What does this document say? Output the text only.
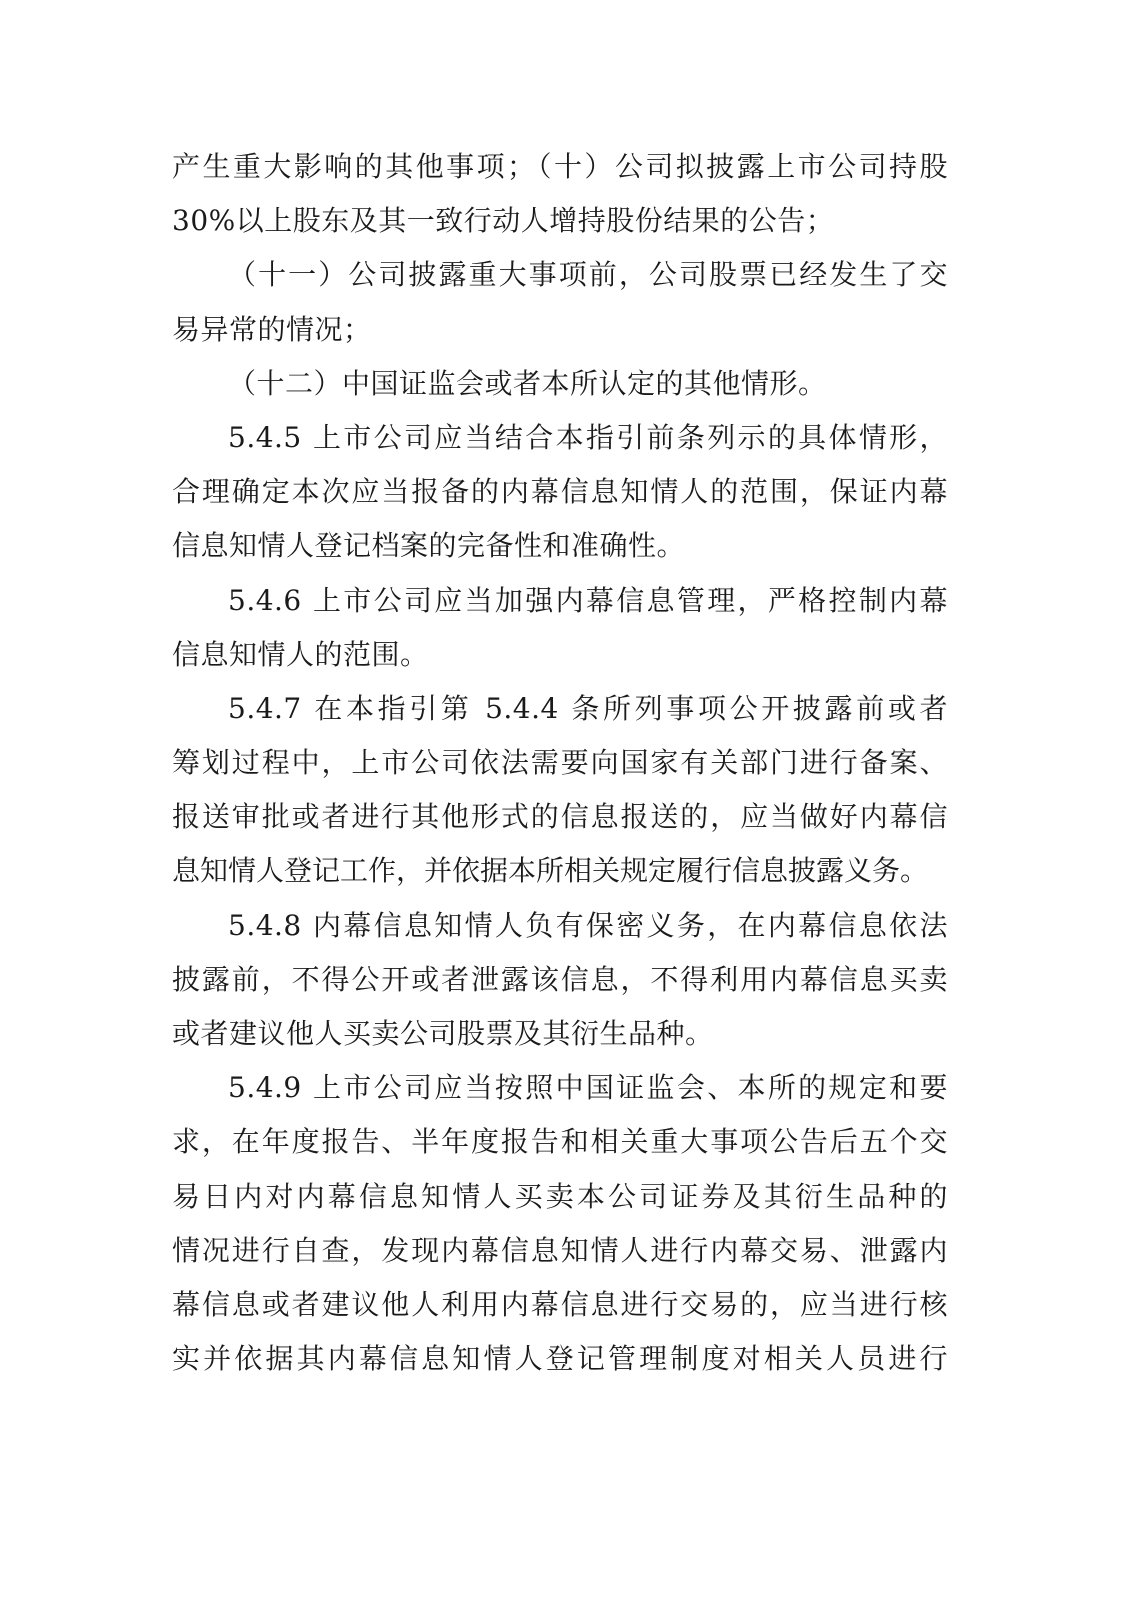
产生重大影响的其他事项；（十）公司拟披露上市公司持股
30%以上股东及其一致行动人增持股份结果的公告；
（十一）公司披露重大事项前，公司股票已经发生了交
易异常的情况；
（十二）中国证监会或者本所认定的其他情形。
5.4.5 上市公司应当结合本指引前条列示的具体情形，
合理确定本次应当报备的内幕信息知情人的范围，保证内幕
信息知情人登记档案的完备性和准确性。
5.4.6 上市公司应当加强内幕信息管理，严格控制内幕
信息知情人的范围。
5.4.7 在本指引第 5.4.4 条所列事项公开披露前或者
筹划过程中，上市公司依法需要向国家有关部门进行备案、
报送审批或者进行其他形式的信息报送的，应当做好内幕信
息知情人登记工作，并依据本所相关规定履行信息披露义务。
5.4.8 内幕信息知情人负有保密义务，在内幕信息依法
披露前，不得公开或者泄露该信息，不得利用内幕信息买卖
或者建议他人买卖公司股票及其衍生品种。
5.4.9 上市公司应当按照中国证监会、本所的规定和要
求，在年度报告、半年度报告和相关重大事项公告后五个交
易日内对内幕信息知情人买卖本公司证券及其衍生品种的
情况进行自查，发现内幕信息知情人进行内幕交易、泄露内
幕信息或者建议他人利用内幕信息进行交易的，应当进行核
实并依据其内幕信息知情人登记管理制度对相关人员进行
